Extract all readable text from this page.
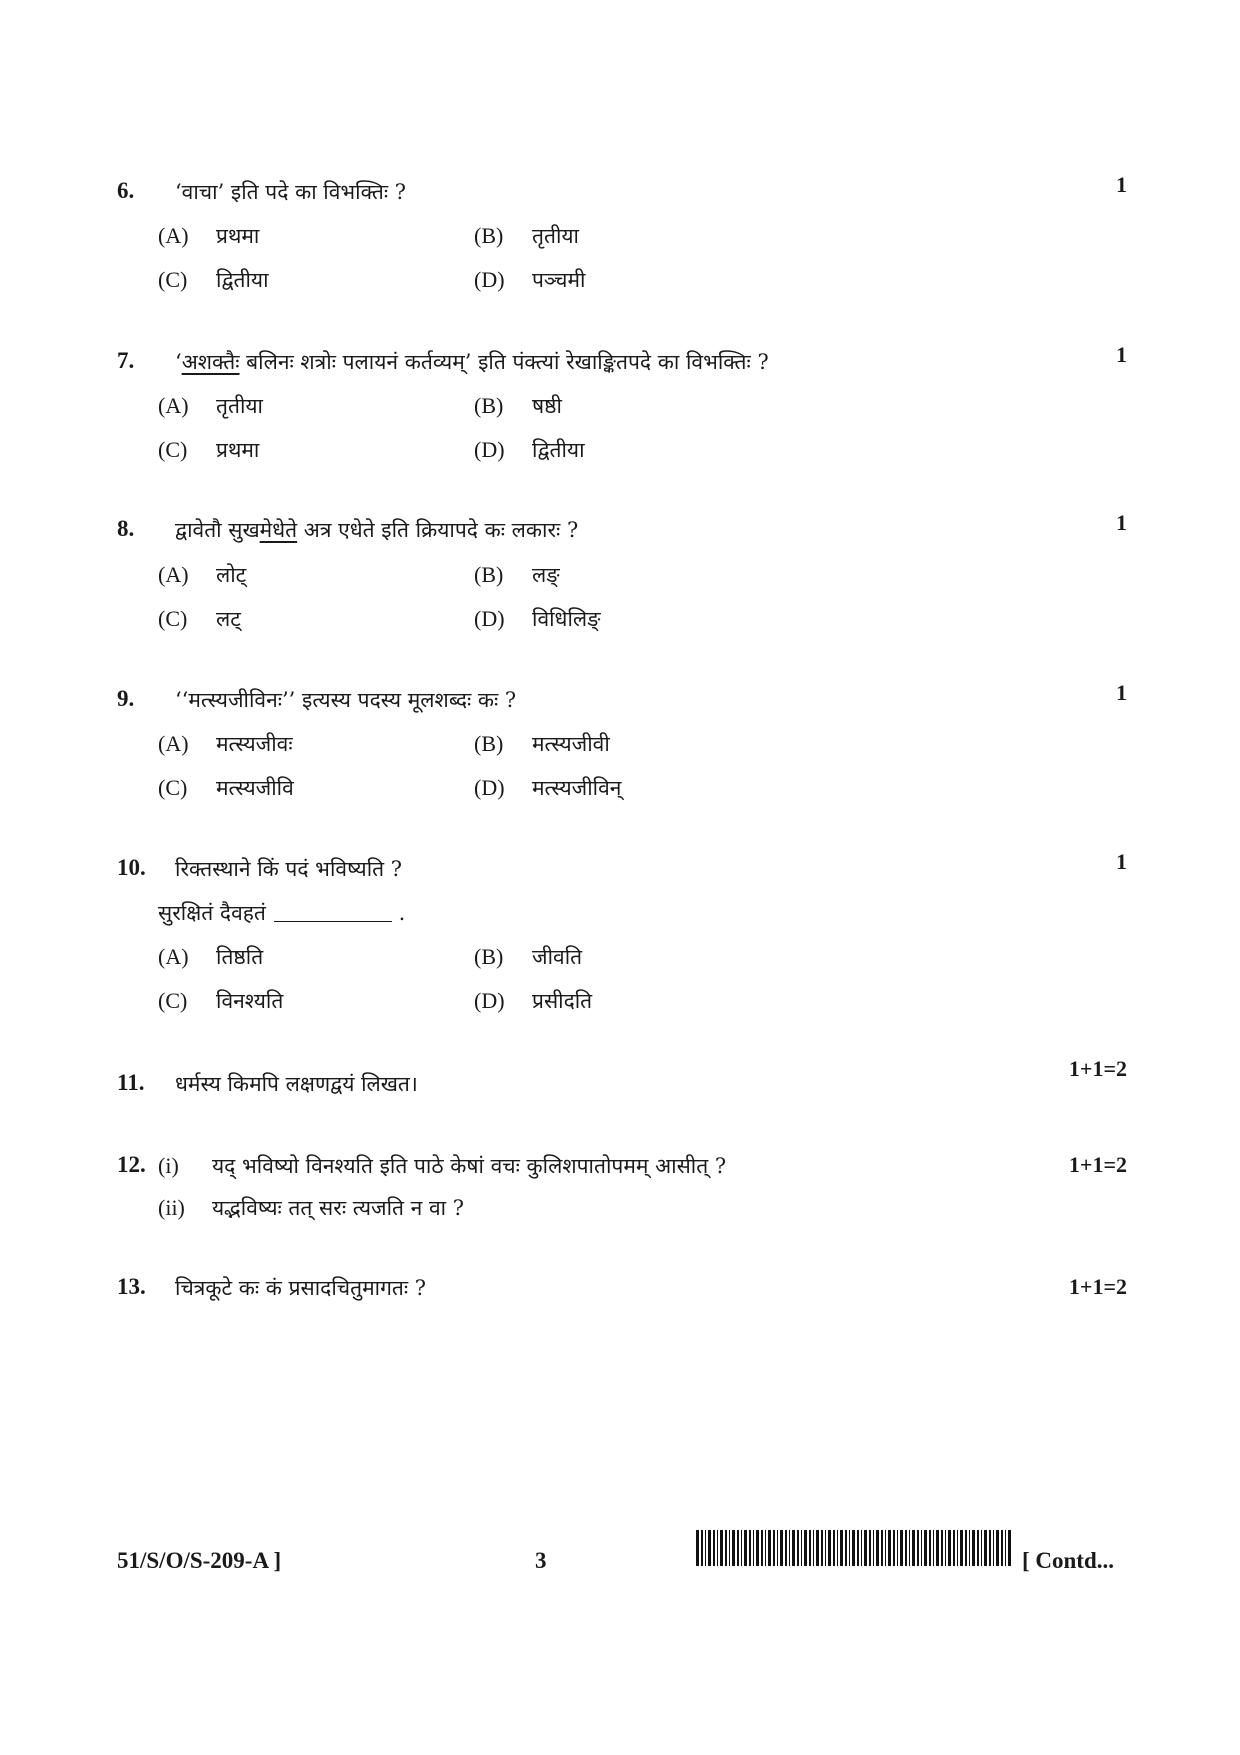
6. ‘वाचा’ इति पदे का विभक्तिः ?	1
(A) प्रथमा	(B) तृतीया
(C) द्वितीया	(D) पञ्चमी
7. ‘अशक्तैः बलिनः शत्रोः पलायनं कर्तव्यम्’ इति पंक्त्यां रेखाङ्कितपदे का विभक्तिः ?	1
(A) तृतीया	(B) षष्ठी
(C) प्रथमा	(D) द्वितीया
8. द्वावेतौ सुखमेधेते अत्र एधेते इति क्रियापदे कः लकारः ?	1
(A) लोट्	(B) लङ्
(C) लट्	(D) विधिलिङ्
9. ‘‘मत्स्यजीविनः’’ इत्यस्य पदस्य मूलशब्दः कः ?	1
(A) मत्स्यजीवः	(B) मत्स्यजीवी
(C) मत्स्यजीवि	(D) मत्स्यजीविन्
10. रिक्तस्थाने किं पदं भविष्यति ?	1
सुरक्षितं दैवहतं	.
(A) तिष्ठति	(B) जीवति
(C) विनश्यति	(D) प्रसीदति
11. धर्मस्य किमपि लक्षणद्वयं लिखत।
1+1=2
12.	1+1=2
(i) यद् भविष्यो विनश्यति इति पाठे केषां वचः कुलिशपातोपमम् आसीत् ?
(ii) यद्भविष्यः तत् सरः त्यजति न वा ?
13. चित्रकूटे कः कं प्रसादचितुमागतः ?	1+1=2
51/S/O/S-209-A ]	3	[ Contd...
